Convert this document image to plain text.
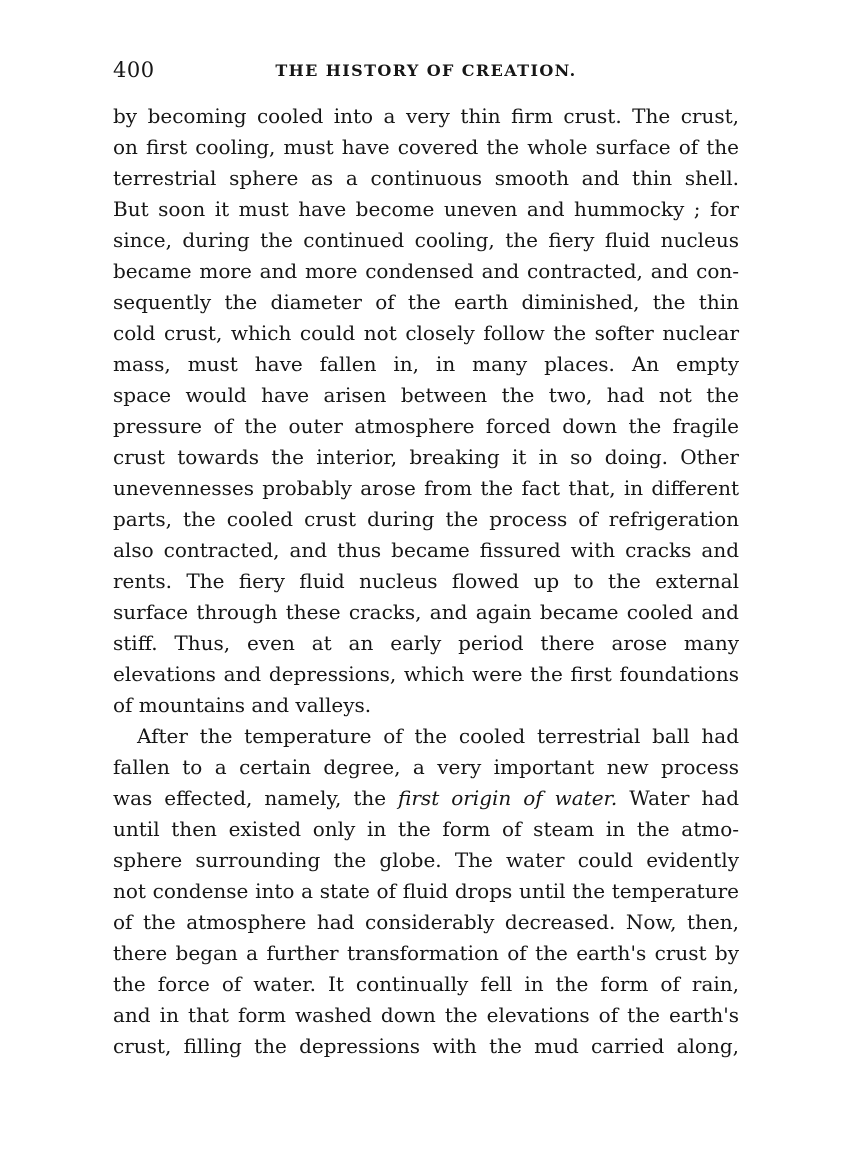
400	THE HISTORY OF CREATION.
by becoming cooled into a very thin firm crust. The crust,
on first cooling, must have covered the whole surface of the
terrestrial sphere as a continuous smooth and thin shell.
But soon it must have become uneven and hummocky ; for
since, during the continued cooling, the fiery fluid nucleus
became more and more condensed and contracted, and con-
sequently the diameter of the earth diminished, the thin
cold crust, which could not closely follow the softer nuclear
mass, must have fallen in, in many places. An empty
space would have arisen between the two, had not the
pressure of the outer atmosphere forced down the fragile
crust towards the interior, breaking it in so doing. Other
unevennesses probably arose from the fact that, in different
parts, the cooled crust during the process of refrigeration
also contracted, and thus became fissured with cracks and
rents. The fiery fluid nucleus flowed up to the external
surface through these cracks, and again became cooled and
stiff. Thus, even at an early period there arose many
elevations and depressions, which were the first foundations
of mountains and valleys.
After the temperature of the cooled terrestrial ball had
fallen to a certain degree, a very important new process
was effected, namely, the first origin of water. Water had
until then existed only in the form of steam in the atmo-
sphere surrounding the globe. The water could evidently
not condense into a state of fluid drops until the temperature
of the atmosphere had considerably decreased. Now, then,
there began a further transformation of the earth's crust by
the force of water. It continually fell in the form of rain,
and in that form washed down the elevations of the earth's
crust, filling the depressions with the mud carried along,
